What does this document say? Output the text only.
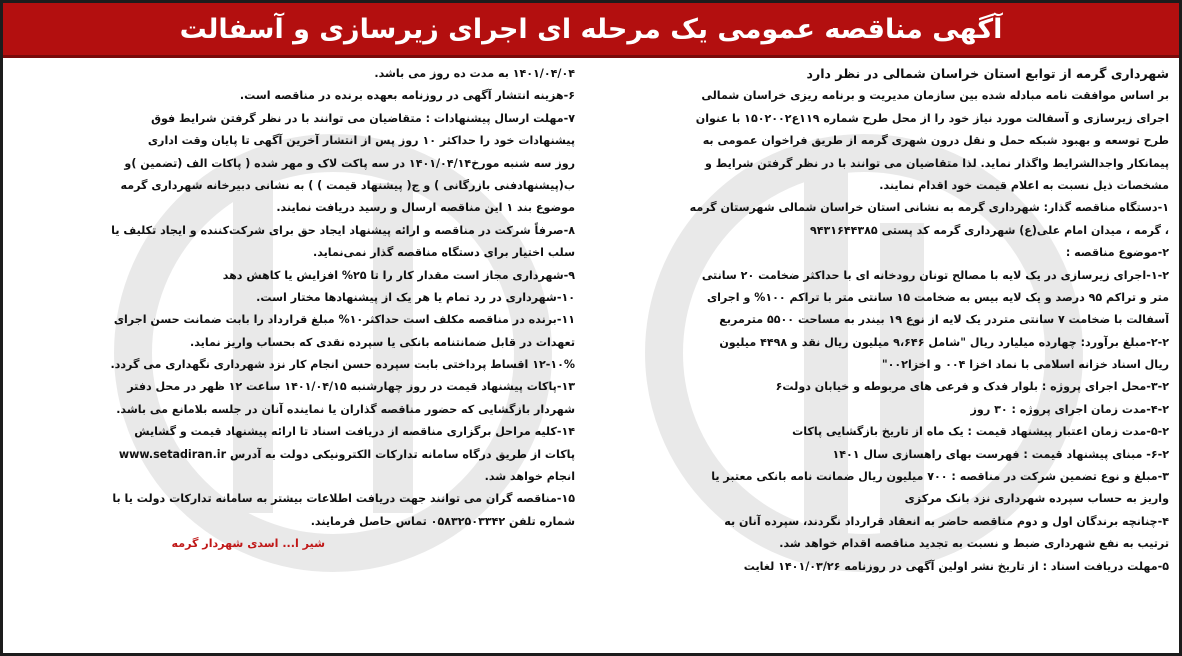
آگهی مناقصه عمومی یک مرحله ای اجرای زیرسازی و آسفالت
شهرداری گرمه از توابع استان خراسان شمالی در نظر دارد
بر اساس موافقت نامه مبادله شده بین سازمان مدیریت و برنامه ریزی خراسان شمالی
اجرای زیرسازی و آسفالت مورد نیاز خود را از محل طرح شماره ۱۱۹ع۱۵۰۲۰۰۲ با عنوان
طرح توسعه و بهبود شبکه حمل و نقل درون شهری گرمه از طریق فراخوان عمومی به
پیمانکار واجدالشرایط واگذار نماید. لذا متقاضیان می توانند با در نظر گرفتن شرایط و
مشخصات ذیل نسبت به اعلام قیمت خود اقدام نمایند.
۱-دستگاه مناقصه گذار: شهرداری گرمه به نشانی استان خراسان شمالی شهرستان گرمه
، گرمه ، میدان امام علی(ع) شهرداری گرمه کد پستی ۹۴۳۱۶۴۴۳۸۵
۲-موضوع مناقصه :
۱-۲-اجرای زیرسازی در یک لایه با مصالح تونان رودخانه ای با حداکثر ضخامت ۲۰ سانتی
متر و تراکم ۹۵ درصد و یک لایه بیس به ضخامت ۱۵ سانتی متر با تراکم ۱۰۰% و اجرای
آسفالت با ضخامت ۷ سانتی متردر یک لایه از نوع ۱۹ بیندر به مساحت ۵۵۰۰ مترمربع
۲-۲-مبلغ برآورد: چهارده میلیارد ریال "شامل ۹،۶۴۶ میلیون ریال نقد و ۴۴۹۸ میلیون
ریال اسناد خزانه اسلامی با نماد اخزا ۰۰۴ و اخزا۰۰۲"
۳-۲-محل اجرای پروژه : بلوار فدک و فرعی های مربوطه و خیابان دولت۶
۴-۲-مدت زمان اجرای پروژه : ۳۰ روز
۵-۲-مدت زمان اعتبار پیشنهاد قیمت : یک ماه از تاریخ بازگشایی پاکات
۶-۲- مبنای پیشنهاد قیمت : فهرست بهای راهسازی سال ۱۴۰۱
۳-مبلغ و نوع تضمین شرکت در مناقصه : ۷۰۰ میلیون ریال ضمانت نامه بانکی معتبر یا
واریز به حساب سپرده شهرداری نزد بانک مرکزی
۴-چنانچه برندگان اول و دوم مناقصه حاضر به انعقاد قرارداد نگردند، سپرده آنان به
ترتیب به نفع شهرداری ضبط و نسبت به تجدید مناقصه اقدام خواهد شد.
۵-مهلت دریافت اسناد : از تاریخ نشر اولین آگهی در روزنامه ۱۴۰۱/۰۳/۲۶ لغایت
۱۴۰۱/۰۴/۰۴ به مدت ده روز می باشد.
۶-هزینه انتشار آگهی در روزنامه بعهده برنده در مناقصه است.
۷-مهلت ارسال پیشنهادات : متقاضیان می توانند با در نظر گرفتن شرایط فوق
پیشنهادات خود را حداکثر ۱۰ روز پس از انتشار آخرین آگهی تا پایان وقت اداری
روز سه شنبه مورخ۱۴۰۱/۰۴/۱۴ در سه پاکت لاک و مهر شده ( پاکات الف (تضمین )و
ب(پیشنهادفنی بازرگانی ) و ج( پیشنهاد قیمت ) ) به نشانی دبیرخانه شهرداری گرمه
موضوع بند ۱ این مناقصه ارسال و رسید دریافت نمایند.
۸-صرفاً شرکت در مناقصه و ارائه پیشنهاد ایجاد حق برای شرکت‌کننده و ایجاد تکلیف یا
سلب اختیار برای دستگاه مناقصه گذار نمی‌نماید.
۹-شهرداری مجاز است مقدار کار را تا ۲۵% افزایش یا کاهش دهد
۱۰-شهرداری در رد تمام یا هر یک از پیشنهادها مختار است.
۱۱-برنده در مناقصه مکلف است حداکثر۱۰% مبلغ قرارداد را بابت ضمانت حسن اجرای
تعهدات در قابل ضمانتنامه بانکی یا سپرده نقدی که بحساب واریز نماید.
۱۲-۱۰% اقساط پرداختی بابت سپرده حسن انجام کار نزد شهرداری نگهداری می گردد.
۱۳-پاکات پیشنهاد قیمت در روز چهارشنبه ۱۴۰۱/۰۴/۱۵ ساعت ۱۲ ظهر در محل دفتر
شهردار بازگشایی که حضور مناقصه گذاران یا نماینده آنان در جلسه بلامانع می باشد.
۱۴-کلیه مراحل برگزاری مناقصه از دریافت اسناد تا ارائه پیشنهاد قیمت و گشایش
پاکات از طریق درگاه سامانه تدارکات الکترونیکی دولت به آدرس www.setadiran.ir
انجام خواهد شد.
۱۵-مناقصه گران می توانند جهت دریافت اطلاعات بیشتر به سامانه تدارکات دولت یا با
شماره تلفن ۰۵۸۳۲۵۰۳۳۴۲ تماس حاصل فرمایند.
شیر ا... اسدی شهردار گرمه
